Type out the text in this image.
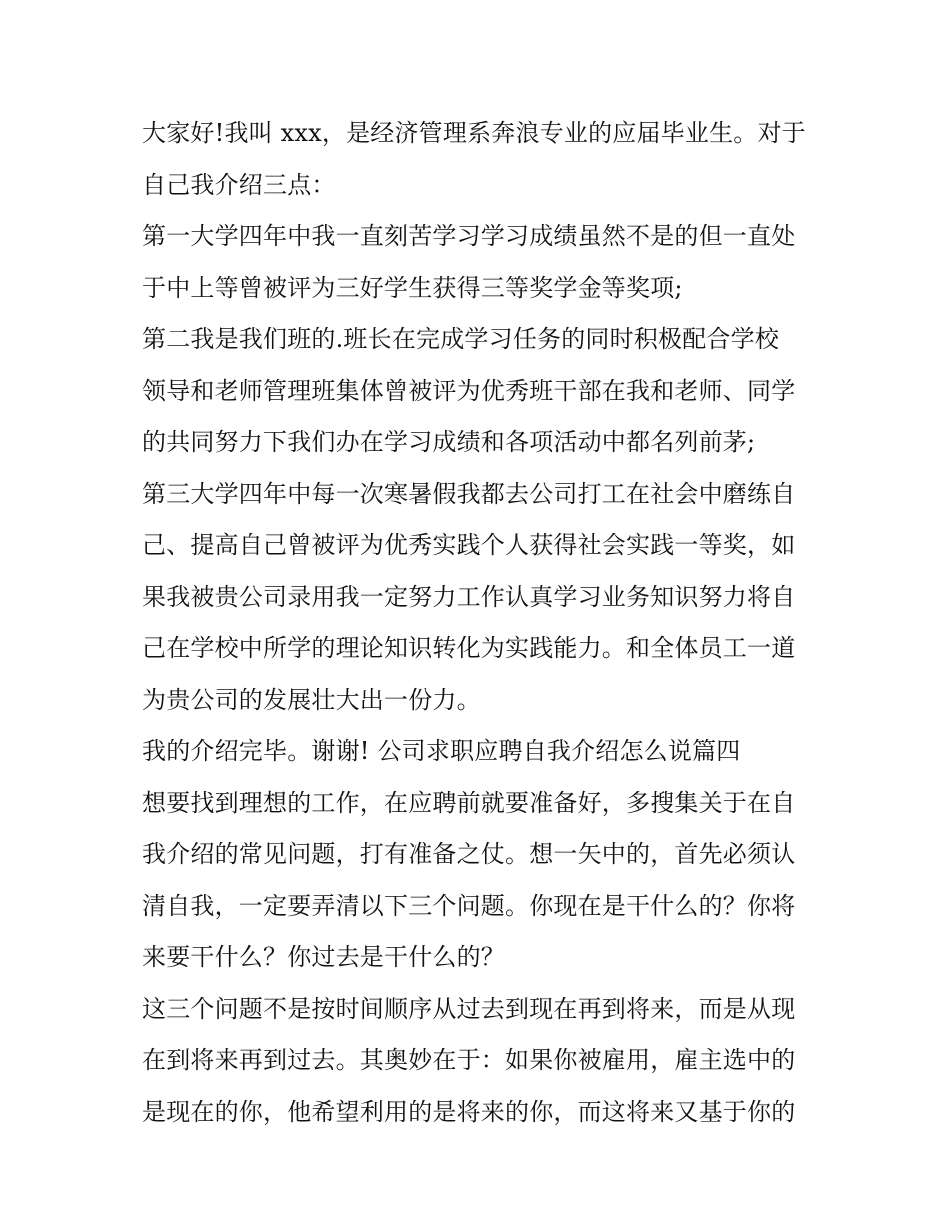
大家好!我叫 xxx，是经济管理系奔浪专业的应届毕业生。对于
自己我介绍三点：
第一大学四年中我一直刻苦学习学习成绩虽然不是的但一直处
于中上等曾被评为三好学生获得三等奖学金等奖项;
第二我是我们班的.班长在完成学习任务的同时积极配合学校
领导和老师管理班集体曾被评为优秀班干部在我和老师、同学
的共同努力下我们办在学习成绩和各项活动中都名列前茅;
第三大学四年中每一次寒暑假我都去公司打工在社会中磨练自
己、提高自己曾被评为优秀实践个人获得社会实践一等奖，如
果我被贵公司录用我一定努力工作认真学习业务知识努力将自
己在学校中所学的理论知识转化为实践能力。和全体员工一道
为贵公司的发展壮大出一份力。
我的介绍完毕。谢谢! 公司求职应聘自我介绍怎么说篇四
想要找到理想的工作，在应聘前就要准备好，多搜集关于在自
我介绍的常见问题，打有准备之仗。想一矢中的，首先必须认
清自我，一定要弄清以下三个问题。你现在是干什么的？你将
来要干什么？你过去是干什么的？
这三个问题不是按时间顺序从过去到现在再到将来，而是从现
在到将来再到过去。其奥妙在于：如果你被雇用，雇主选中的
是现在的你，他希望利用的是将来的你，而这将来又基于你的
